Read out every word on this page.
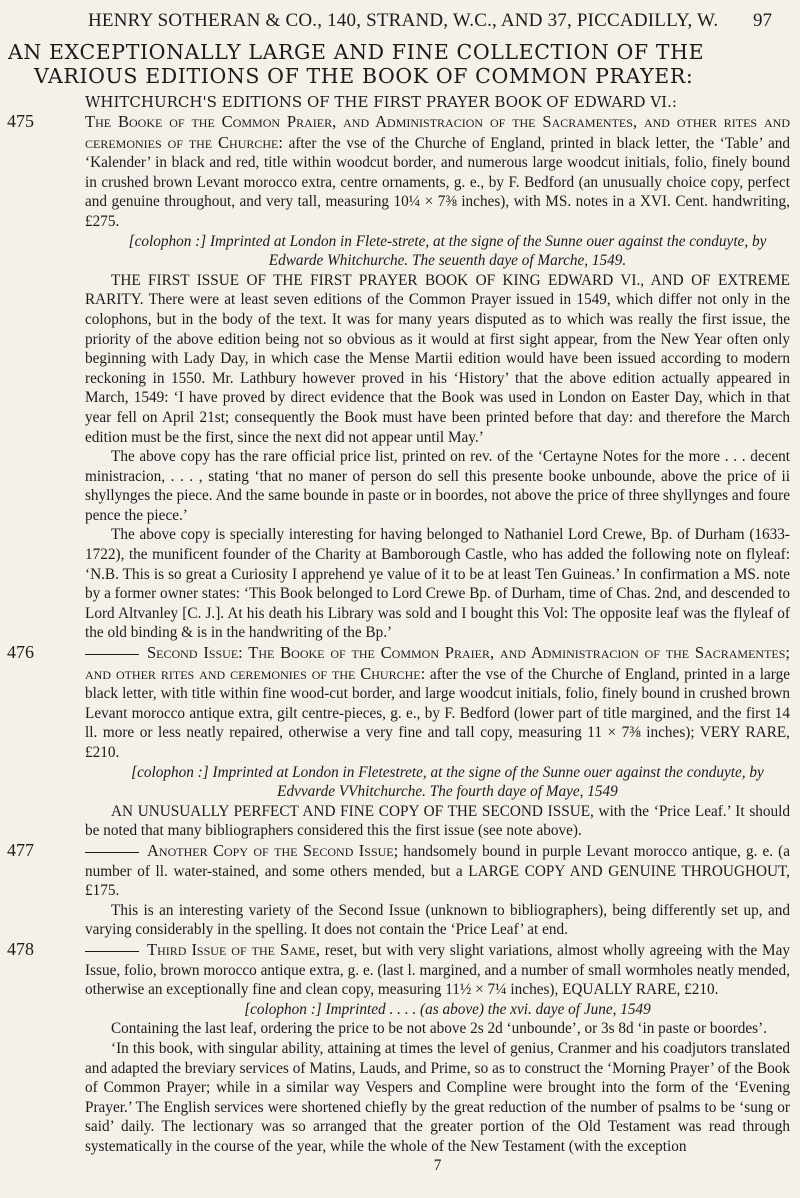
HENRY SOTHERAN & CO., 140, STRAND, W.C., AND 37, PICCADILLY, W.	97
AN EXCEPTIONALLY LARGE AND FINE COLLECTION OF THE
VARIOUS EDITIONS OF THE BOOK OF COMMON PRAYER:
WHITCHURCH'S EDITIONS OF THE FIRST PRAYER BOOK OF EDWARD VI.:
475	The Booke of the Common Praier, and Administracion of the Sacramentes, and other rites and ceremonies of the Churche: after the vse of the Churche of England, printed in black letter, the ‘Table’ and ‘Kalender’ in black and red, title within woodcut border, and numerous large woodcut initials, folio, finely bound in crushed brown Levant morocco extra, centre ornaments, g. e., by F. Bedford (an unusually choice copy, perfect and genuine throughout, and very tall, measuring 10¼ × 7⅜ inches), with MS. notes in a XVI. Cent. handwriting, £275.

[colophon :] Imprinted at London in Flete-strete, at the signe of the Sunne ouer against the conduyte, by Edwarde Whitchurche. The seuenth daye of Marche, 1549.

THE FIRST ISSUE OF THE FIRST PRAYER BOOK OF KING EDWARD VI., AND OF EXTREME RARITY. There were at least seven editions of the Common Prayer issued in 1549, which differ not only in the colophons, but in the body of the text. It was for many years disputed as to which was really the first issue, the priority of the above edition being not so obvious as it would at first sight appear, from the New Year often only beginning with Lady Day, in which case the Mense Martii edition would have been issued according to modern reckoning in 1550. Mr. Lathbury however proved in his ‘History’ that the above edition actually appeared in March, 1549: ‘I have proved by direct evidence that the Book was used in London on Easter Day, which in that year fell on April 21st; consequently the Book must have been printed before that day: and therefore the March edition must be the first, since the next did not appear until May.’

The above copy has the rare official price list, printed on rev. of the ‘Certayne Notes for the more . . . decent ministracion, . . . , stating ‘that no maner of person do sell this presente booke unbounde, above the price of ii shyllynges the piece. And the same bounde in paste or in boordes, not above the price of three shyllynges and foure pence the piece.’

The above copy is specially interesting for having belonged to Nathaniel Lord Crewe, Bp. of Durham (1633-1722), the munificent founder of the Charity at Bamborough Castle, who has added the following note on flyleaf: ‘N.B. This is so great a Curiosity I apprehend ye value of it to be at least Ten Guineas.’ In confirmation a MS. note by a former owner states: ‘This Book belonged to Lord Crewe Bp. of Durham, time of Chas. 2nd, and descended to Lord Altvanley [C. J.]. At his death his Library was sold and I bought this Vol: The opposite leaf was the flyleaf of the old binding & is in the handwriting of the Bp.’

476	Second Issue: The Booke of the Common Praier, and Administracion of the Sacramentes; and other rites and ceremonies of the Churche: after the vse of the Churche of England, printed in a large black letter, with title within fine wood-cut border, and large woodcut initials, folio, finely bound in crushed brown Levant morocco antique extra, gilt centre-pieces, g. e., by F. Bedford (lower part of title margined, and the first 14 ll. more or less neatly repaired, otherwise a very fine and tall copy, measuring 11 × 7⅜ inches); VERY RARE, £210.

[colophon :] Imprinted at London in Fletestrete, at the signe of the Sunne ouer against the conduyte, by Edvvarde VVhitchurche. The fourth daye of Maye, 1549

AN UNUSUALLY PERFECT AND FINE COPY OF THE SECOND ISSUE, with the ‘Price Leaf.’ It should be noted that many bibliographers considered this the first issue (see note above).

477	Another Copy of the Second Issue; handsomely bound in purple Levant morocco antique, g. e. (a number of ll. water-stained, and some others mended, but a LARGE COPY AND GENUINE THROUGHOUT, £175.

This is an interesting variety of the Second Issue (unknown to bibliographers), being differently set up, and varying considerably in the spelling. It does not contain the ‘Price Leaf’ at end.

478	Third Issue of the Same, reset, but with very slight variations, almost wholly agreeing with the May Issue, folio, brown morocco antique extra, g. e. (last l. margined, and a number of small wormholes neatly mended, otherwise an exceptionally fine and clean copy, measuring 11½ × 7¼ inches), EQUALLY RARE, £210.

[colophon :] Imprinted . . . . (as above) the xvi. daye of June, 1549

Containing the last leaf, ordering the price to be not above 2s 2d ‘unbounde’, or 3s 8d ‘in paste or boordes’.

‘In this book, with singular ability, attaining at times the level of genius, Cranmer and his coadjutors translated and adapted the breviary services of Matins, Lauds, and Prime, so as to construct the ‘Morning Prayer’ of the Book of Common Prayer; while in a similar way Vespers and Compline were brought into the form of the ‘Evening Prayer.’ The English services were shortened chiefly by the great reduction of the number of psalms to be ‘sung or said’ daily. The lectionary was so arranged that the greater portion of the Old Testament was read through systematically in the course of the year, while the whole of the New Testament (with the exception

7
